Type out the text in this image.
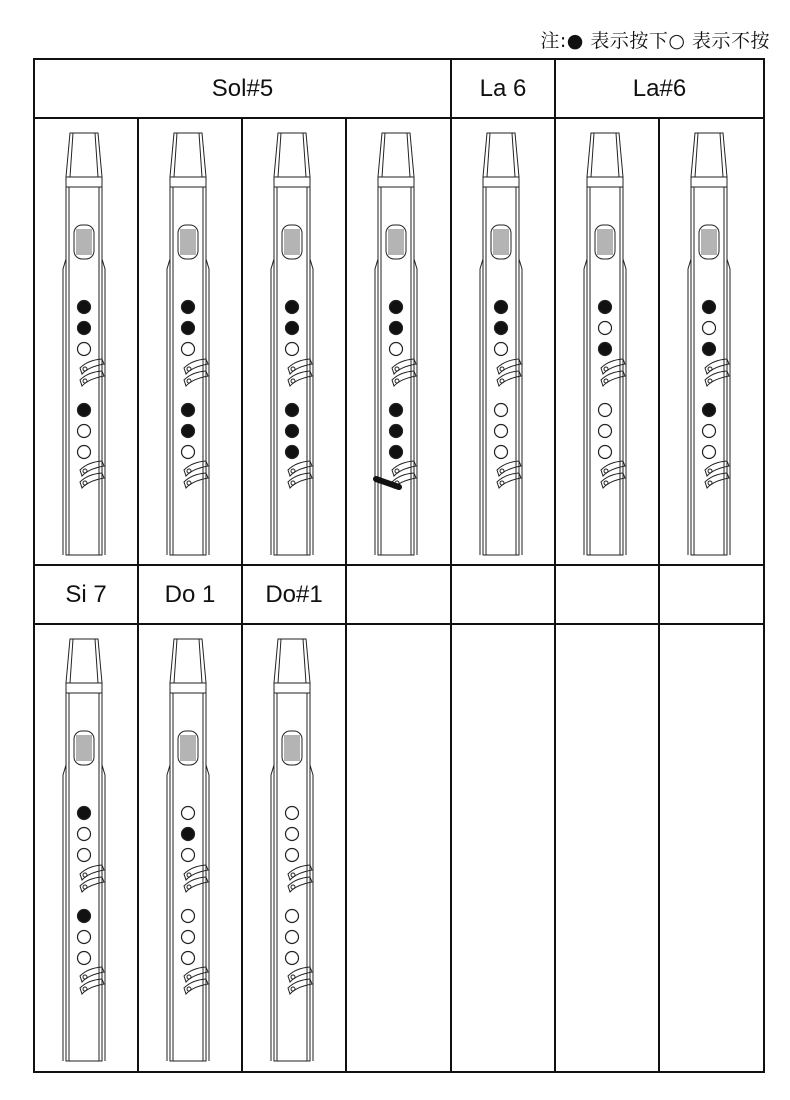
注:● 表示按下○ 表示不按
Sol#5	La 6	La#6
Si 7	Do 1	Do#1
